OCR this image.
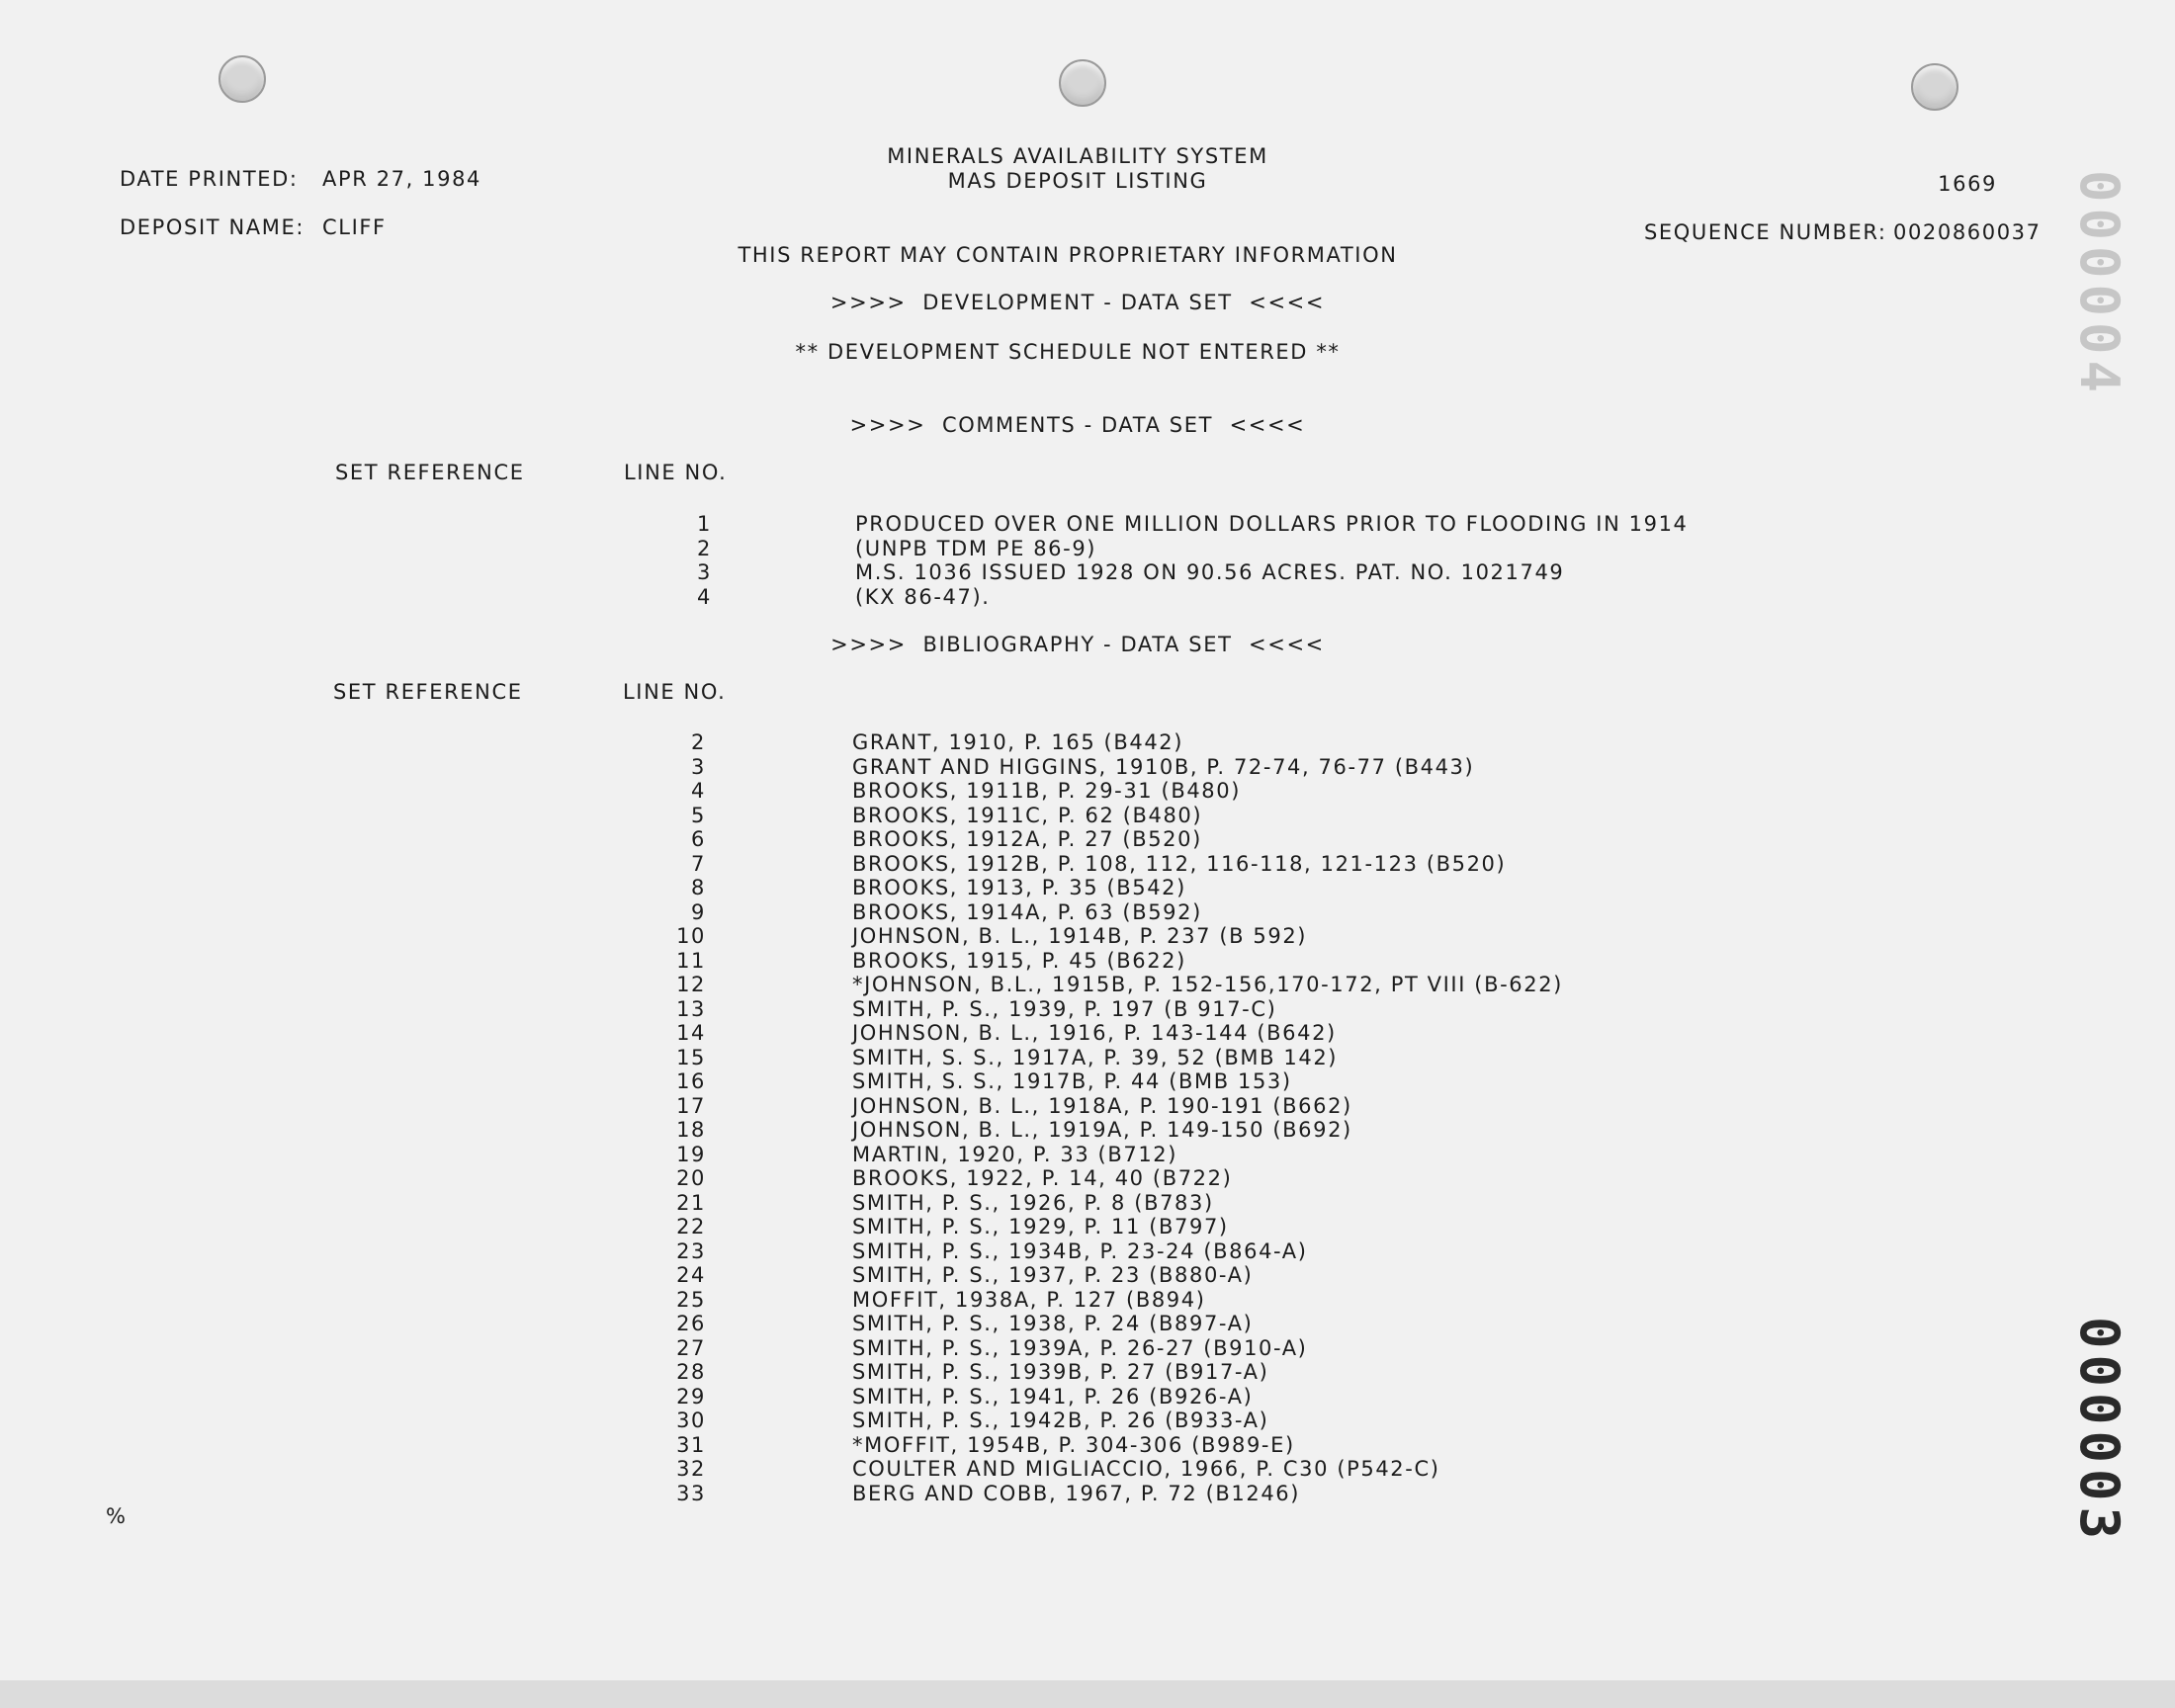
MINERALS AVAILABILITY SYSTEM
MAS DEPOSIT LISTING
DATE PRINTED: APR 27, 1984	1669
DEPOSIT NAME: CLIFF	SEQUENCE NUMBER: 0020860037
THIS REPORT MAY CONTAIN PROPRIETARY INFORMATION
>>>>  DEVELOPMENT - DATA SET  <<<<
** DEVELOPMENT SCHEDULE NOT ENTERED **
>>>>  COMMENTS - DATA SET  <<<<
SET REFERENCE	LINE NO.
1	PRODUCED OVER ONE MILLION DOLLARS PRIOR TO FLOODING IN 1914
2	(UNPB TDM PE 86-9)
3	M.S. 1036 ISSUED 1928 ON 90.56 ACRES. PAT. NO. 1021749
4	(KX 86-47).
>>>>  BIBLIOGRAPHY - DATA SET  <<<<
SET REFERENCE	LINE NO.
2	GRANT, 1910, P. 165 (B442)
3	GRANT AND HIGGINS, 1910B, P. 72-74, 76-77 (B443)
4	BROOKS, 1911B, P. 29-31 (B480)
5	BROOKS, 1911C, P. 62 (B480)
6	BROOKS, 1912A, P. 27 (B520)
7	BROOKS, 1912B, P. 108, 112, 116-118, 121-123 (B520)
8	BROOKS, 1913, P. 35 (B542)
9	BROOKS, 1914A, P. 63 (B592)
10	JOHNSON, B. L., 1914B, P. 237 (B 592)
11	BROOKS, 1915, P. 45 (B622)
12	*JOHNSON, B.L., 1915B, P. 152-156,170-172, PT VIII (B-622)
13	SMITH, P. S., 1939, P. 197 (B 917-C)
14	JOHNSON, B. L., 1916, P. 143-144 (B642)
15	SMITH, S. S., 1917A, P. 39, 52 (BMB 142)
16	SMITH, S. S., 1917B, P. 44 (BMB 153)
17	JOHNSON, B. L., 1918A, P. 190-191 (B662)
18	JOHNSON, B. L., 1919A, P. 149-150 (B692)
19	MARTIN, 1920, P. 33 (B712)
20	BROOKS, 1922, P. 14, 40 (B722)
21	SMITH, P. S., 1926, P. 8 (B783)
22	SMITH, P. S., 1929, P. 11 (B797)
23	SMITH, P. S., 1934B, P. 23-24 (B864-A)
24	SMITH, P. S., 1937, P. 23 (B880-A)
25	MOFFIT, 1938A, P. 127 (B894)
26	SMITH, P. S., 1938, P. 24 (B897-A)
27	SMITH, P. S., 1939A, P. 26-27 (B910-A)
28	SMITH, P. S., 1939B, P. 27 (B917-A)
29	SMITH, P. S., 1941, P. 26 (B926-A)
30	SMITH, P. S., 1942B, P. 26 (B933-A)
31	*MOFFIT, 1954B, P. 304-306 (B989-E)
32	COULTER AND MIGLIACCIO, 1966, P. C30 (P542-C)
33	BERG AND COBB, 1967, P. 72 (B1246)
%	000003
000004
